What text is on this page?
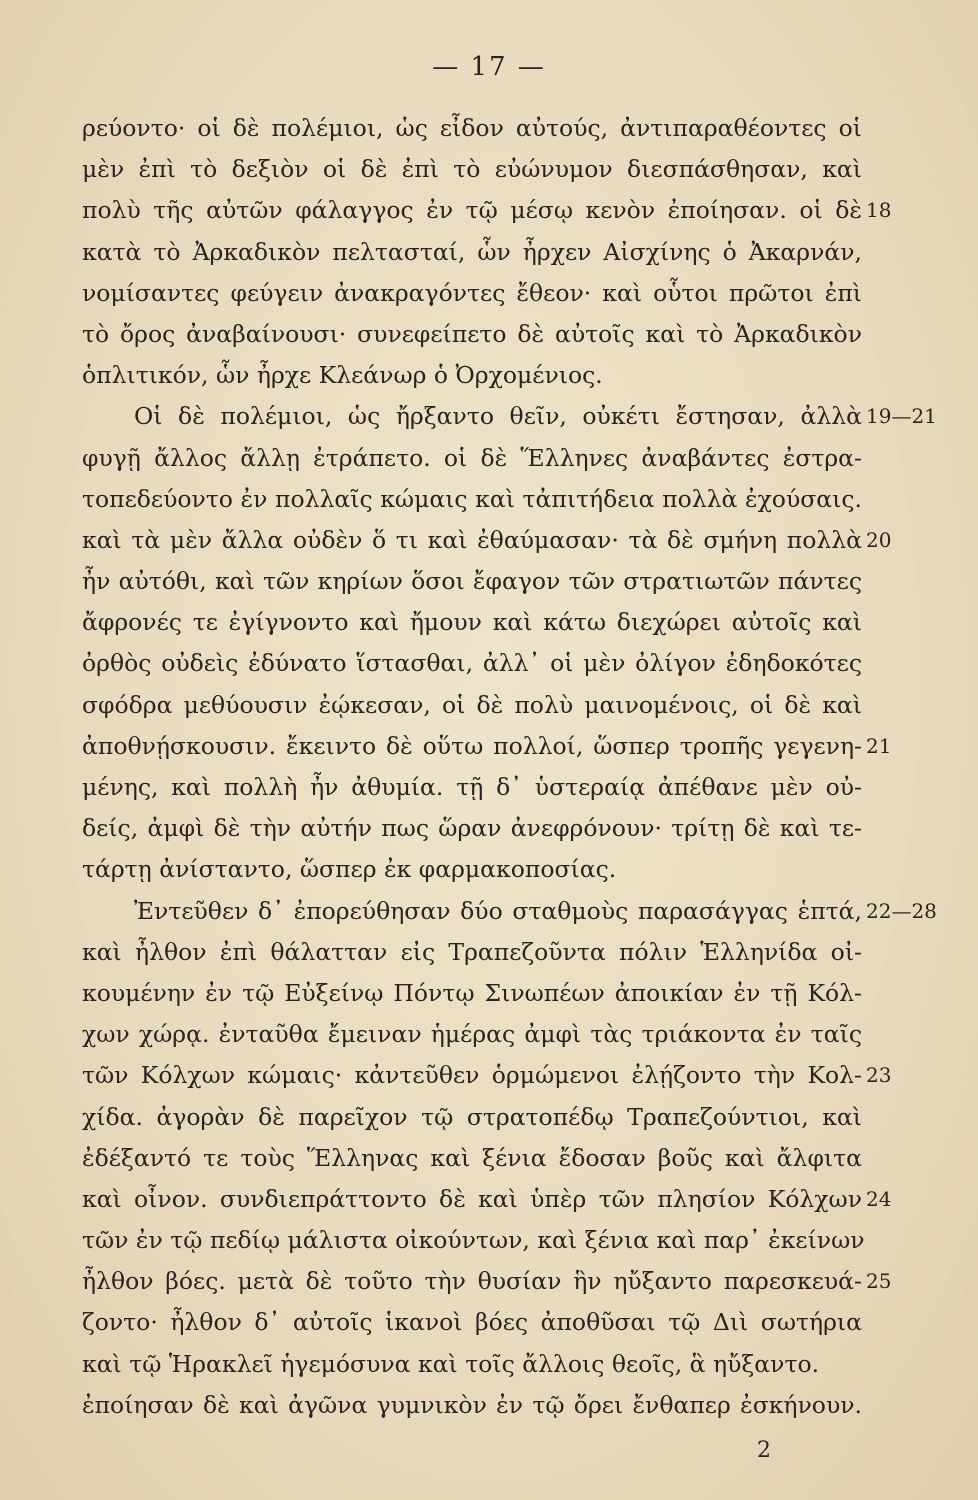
— 17 —
ρεύοντο· οἱ δὲ πολέμιοι, ὡς εἶδον αὐτούς, ἀντιπαραθέοντες οἱ
μὲν ἐπὶ τὸ δεξιὸν οἱ δὲ ἐπὶ τὸ εὐώνυμον διεσπάσθησαν, καὶ
πολὺ τῆς αὐτῶν φάλαγγος ἐν τῷ μέσῳ κενὸν ἐποίησαν. οἱ δὲ 18
κατὰ τὸ Ἀρκαδικὸν πελτασταί, ὧν ἦρχεν Αἰσχίνης ὁ Ἀκαρνάν,
νομίσαντες φεύγειν ἀνακραγόντες ἔθεον· καὶ οὗτοι πρῶτοι ἐπὶ
τὸ ὄρος ἀναβαίνουσι· συνεφείπετο δὲ αὐτοῖς καὶ τὸ Ἀρκαδικὸν
ὁπλιτικόν, ὧν ἦρχε Κλεάνωρ ὁ Ὀρχομένιος.
Οἱ δὲ πολέμιοι, ὡς ἤρξαντο θεῖν, οὐκέτι ἔστησαν, ἀλλὰ 19—21
φυγῇ ἄλλος ἄλλῃ ἐτράπετο. οἱ δὲ Ἕλληνες ἀναβάντες ἐστρα-
τοπεδεύοντο ἐν πολλαῖς κώμαις καὶ τἀπιτήδεια πολλὰ ἐχούσαις.
καὶ τὰ μὲν ἄλλα οὐδὲν ὅ τι καὶ ἐθαύμασαν· τὰ δὲ σμήνη πολλὰ 20
ἦν αὐτόθι, καὶ τῶν κηρίων ὅσοι ἔφαγον τῶν στρατιωτῶν πάντες
ἄφρονές τε ἐγίγνοντο καὶ ἤμουν καὶ κάτω διεχώρει αὐτοῖς καὶ
ὀρθὸς οὐδεὶς ἐδύνατο ἵστασθαι, ἀλλ᾽ οἱ μὲν ὀλίγον ἐδηδοκότες
σφόδρα μεθύουσιν ἐῴκεσαν, οἱ δὲ πολὺ μαινομένοις, οἱ δὲ καὶ
ἀποθνῄσκουσιν. ἔκειντο δὲ οὕτω πολλοί, ὥσπερ τροπῆς γεγενη- 21
μένης, καὶ πολλὴ ἦν ἀθυμία. τῇ δ᾽ ὑστεραίᾳ ἀπέθανε μὲν οὐ-
δείς, ἀμφὶ δὲ τὴν αὐτήν πως ὥραν ἀνεφρόνουν· τρίτῃ δὲ καὶ τε-
τάρτῃ ἀνίσταντο, ὥσπερ ἐκ φαρμακοποσίας.
Ἐντεῦθεν δ᾽ ἐπορεύθησαν δύο σταθμοὺς παρασάγγας ἑπτά, 22—28
καὶ ἦλθον ἐπὶ θάλατταν εἰς Τραπεζοῦντα πόλιν Ἑλληνίδα οἰ-
κουμένην ἐν τῷ Εὐξείνῳ Πόντῳ Σινωπέων ἀποικίαν ἐν τῇ Κόλ-
χων χώρᾳ. ἐνταῦθα ἔμειναν ἡμέρας ἀμφὶ τὰς τριάκοντα ἐν ταῖς
τῶν Κόλχων κώμαις· κἀντεῦθεν ὁρμώμενοι ἐλῄζοντο τὴν Κολ- 23
χίδα. ἀγορὰν δὲ παρεῖχον τῷ στρατοπέδῳ Τραπεζούντιοι, καὶ
ἐδέξαντό τε τοὺς Ἕλληνας καὶ ξένια ἔδοσαν βοῦς καὶ ἄλφιτα
καὶ οἶνον. συνδιεπράττοντο δὲ καὶ ὑπὲρ τῶν πλησίον Κόλχων 24
τῶν ἐν τῷ πεδίῳ μάλιστα οἰκούντων, καὶ ξένια καὶ παρ᾽ ἐκείνων
ἦλθον βόες. μετὰ δὲ τοῦτο τὴν θυσίαν ἣν ηὔξαντο παρεσκευά- 25
ζοντο· ἦλθον δ᾽ αὐτοῖς ἱκανοὶ βόες ἀποθῦσαι τῷ Διὶ σωτήρια
καὶ τῷ Ἡρακλεῖ ἡγεμόσυνα καὶ τοῖς ἄλλοις θεοῖς, ἃ ηὔξαντο.
ἐποίησαν δὲ καὶ ἀγῶνα γυμνικὸν ἐν τῷ ὄρει ἔνθαπερ ἐσκήνουν.
2
